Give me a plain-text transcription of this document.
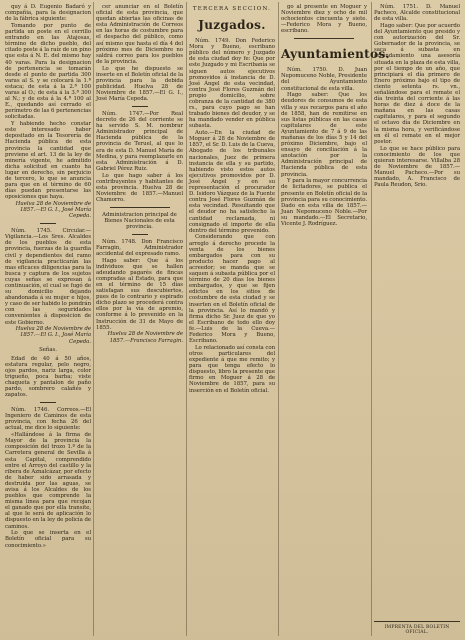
quy á D. Eugenio Badaró y compañia, para la designacion de la fábrica siguiente:

Tomando por punto de partida un poste en el cerrillo entrando en las Atajosas, término de dicho pueblo, del citado poste á la raíz de un pino que esta á N. E. del mismo hay 40 varas. Para la designacion de pertenencia se tomarán desde el punto de partida 300 varas al S. y se colocará la 1.ª estaca; de esta á la 2.ª 100 varas al O.; de esta á la 3.ª 300 al N.; y de esta á la 4.ª 100 al E., quedando así cerrado el perímetro de las 6 pertenencias solicitadas.

Y habiendo hecho constar este interesado haber depositado en la Tesorería de Hacienda pública de esta provincia la cantidad que previene el art. 13 de la ley de minería vigente, he admitido dicha solicitud en cuanto ha lugar en derecho, sin perjuicio de tercero, lo que se anuncia para que en el término de 60 días puedan presentarse las oposiciones que haya.

Huelva 28 de Noviembre de 1857.—El G. I., José María Cepeda.

Núm. 1745. Circular.—Vigilancia.—Los Sres. Alcaldes de los pueblos de esta provincia, fuerzas de la guardia civil y dependientes del ramo de vigilancia practicarán las mas eficaces diligencias para la busca y captura de los sujetos cuyas señas se expresan á continuación, el cual se fugó de su domicilio dejando abandonada á su mujer e hijos, y caso de ser habido lo pondrán con las seguridades convenientes á disposicion de este Gobierno.

Huelva 28 de Noviembre de 1857.—El G. I., José María Cepeda.

Señas.

Edad de 40 á 50 años, estatura regular, pelo negro, ojos pardos, nariz larga, color trigueño, poca barba; viste chaqueta y pantalon de paño pardo, sombrero calañés y zapatos.

Núm. 1746. Correos.—El Ingeniero de Caminos de esta provincia, con fecha 26 del actual, me dice lo siguiente:

«Hallándose á la firma de Mayor de la provincia la composición del trozo 1.º de la Carretera general de Sevilla á esta Capital, comprendido entre el Arroyo del castillo y la ribera de Aznalcázar, por efecto de haber sido arrasada y destruida por las aguas, se avisa á los Alcaldes de los pueblos que comprende la misma línea para que recojan el ganado que por ella transite, al que le será de aplicación lo dispuesto en la ley de policía de caminos.

Lo que se inserta en el Boletín oficial para su conocimiento.»

cer anunciar en el Boletín oficial de esta provincia, que quedan abiertas las oficinas de esta Administración de Correos en las horas de costumbre para el despacho del público, como así mismo que hasta el día 4 del próximo mes de Diciembre no saldrá correo para los pueblos de la provincia.

Lo que he dispuesto se inserte en el Boletín oficial de la provincia para la debida publicidad. Huelva 28 de Noviembre de 1857.—El G. I., José María Cepeda.

Núm. 1747.—Por Real decreto de 26 del corriente se ha servido S. M. nombrar Administrador principal de Hacienda pública de la provincia de Teruel, al que lo era de esta D. Manuel María de Medina, y para reemplazarle en esta Administración á D. Gabriel Pérez Ruiz.

Lo que hago saber á los contribuyentes y habitantes de esta provincia. Huelva 28 de Noviembre de 1857.—Manuel Chamorro.

Administracion principal de Bienes Nacionales de esta provincia.

Núm. 1748. Don Francisco Farragin, Administrador accidental del expresado ramo.

Hago saber: Que á los individuos que se hallen adeudando pagarés de fincas compradas al Estado, para que en el término de 15 días satisfagan sus descubiertos, pues de lo contrario y espirado dicho plazo se procederá contra ellos por la vía de apremio, conforme á lo prevenido en la Instrucción de 31 de Mayo de 1855.

Huelva 28 de Noviembre de 1857.—Francisco Farragin.

TERCERA SECCION.
Juzgados.

Núm. 1749. Don Federico Mora y Bueno, escribano público del número y Juzgado de esta ciudad doy fe: Que por este Juzgado y mi Escribanía se siguen autos ejecutivos promovidos á instancia de D. José Ángel de esta vecindad, contra José Flores Guzmán del propio domicilio, sobre cobranza de la cantidad de 380 rs., para cuyo pago se han trabado bienes del deudor, y se ha mandado vender en pública subasta.

Auto.—En la ciudad de Moguer á 28 de Noviembre de 1857, el Sr. D. Luis de la Cueva, Abogado de los tribunales nacionales, Juez de primera instancia de ella y su partido, habiendo visto estos autos ejecutivos promovidos por D. José Ángel y en su representación el procurador D. Isidoro Vázquez de la Fuente contra José Flores Guzmán de esta vecindad. Resultando que el deudor no ha satisfecho la cantidad reclamada, ni consignado el importe de ella dentro del término prevenido.

Considerando que con arreglo á derecho procede la venta de los bienes embargados para con su producto hacer pago al acreedor; se manda que se saquen á subasta pública por el término de 20 días los bienes embargados, y que se fijen edictos en los sitios de costumbre de esta ciudad y se inserten en el Boletín oficial de la provincia. Así lo mandó y firma dicho Sr. Juez de que yo el Escribano de todo ello doy fe.—Luis de la Cueva.—Federico Mora y Bueno, Escribano.

Lo relacionado así consta con otros particulares del expediente á que me remito; y para que tenga efecto lo dispuesto, libro la presente que firmo en Moguer á 28 de Noviembre de 1857, para su inserción en el Boletín oficial.

go al presente en Moguer y Noviembre diez y ocho de mil ochocientos cincuenta y siete.—Federico Mora y Bueno, escribano.

Ayuntamientos.

Núm. 1750. D. Juan Nepomuceno Noble, Presidente del Ayuntamiento constitucional de esta villa.

Hago saber: Que los deudores de consumos de esta villa y sus recargos para el año de 1858, han de remitirse en sus listas públicas en las casas capitulares de este Ayuntamiento de 7 á 9 de las mañanas de los días 5 y 14 del próximo Diciembre, bajo el ensayo de conciliación á la anotación por la Administración principal de Hacienda pública de esta provincia.

Y para la mayor concurrencia de licitadores, se publica el presente en Boletín oficial de la provincia para su conocimiento. Dado en esta villa de 1857.—Juan Nepomuceno Noble.—Por su mandado.—El Secretario, Vicente J. Rodríguez.

Núm. 1751. D. Manuel Pacheco, Alcalde constitucional de esta villa.

Hago saber: Que por acuerdo del Ayuntamiento que presido y con autorización del Sr. Gobernador de la provincia, se saca á subasta en arrendamiento una asesoría situada en la plaza de esta villa, por el tiempo de un año, que principiará el día primero de Enero próximo bajo el tipo de ciento setenta rs. vn., señalándose para el remate el día treinta del corriente á las horas de diez á doce de la mañana en las casas capitulares, y para el segundo el octavo día de Diciembre en la misma hora, y verificándose en él el remate en el mejor postor.

Lo que se hace público para conocimiento de los que quieran interesarse. Villalba 28 de Noviembre de 1857.—Manuel Pacheco.—Por su mandado, A. Francisco de Paula Reudon, Srio.

IMPRENTA DEL BOLETIN OFICIAL.
